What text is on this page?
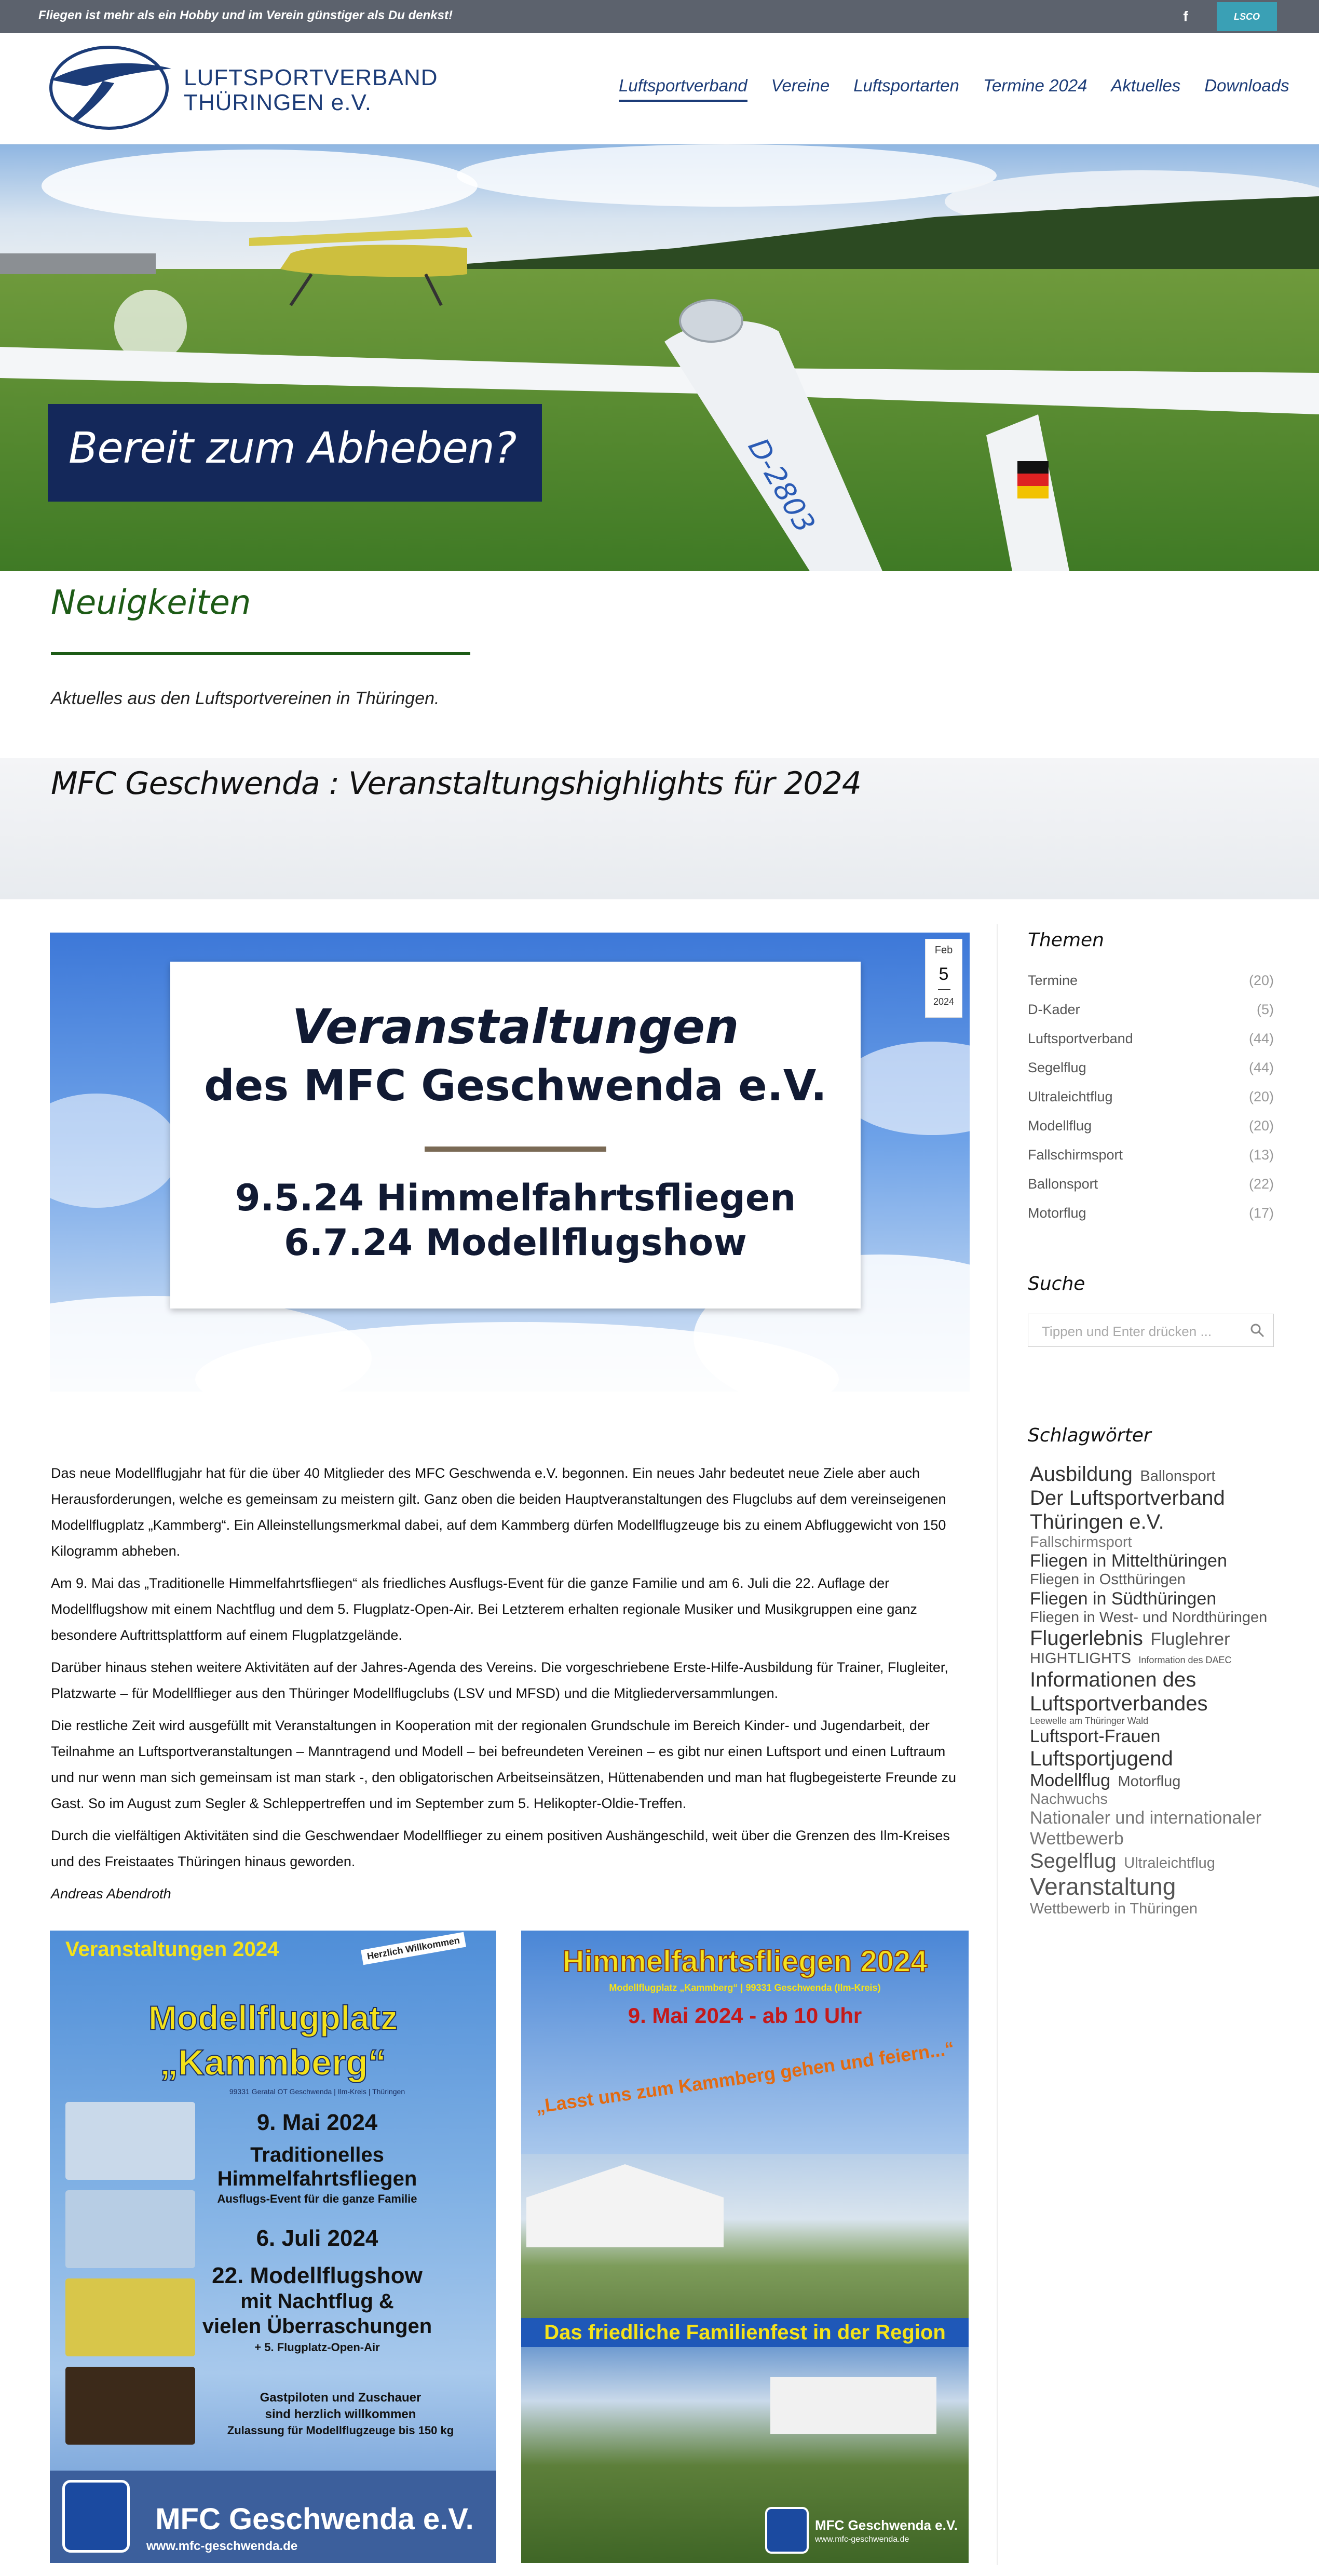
Fliegen ist mehr als ein Hobby und im Verein günstiger als Du denkst!	f	LSCO
LUFTSPORTVERBAND
THÜRINGEN e.V.
Luftsportverband Vereine Luftsportarten Termine 2024 Aktuelles Downloads
D-2803
Bereit zum Abheben?
Neuigkeiten
Aktuelles aus den Luftsportvereinen in Thüringen.
MFC Geschwenda : Veranstaltungshighlights für 2024
Veranstaltungen
des MFC Geschwenda e.V.
9.5.24 Himmelfahrtsfliegen
6.7.24 Modellflugshow
Feb
5
2024

Das neue Modellflugjahr hat für die über 40 Mitglieder des MFC Geschwenda e.V. begonnen. Ein neues Jahr bedeutet neue Ziele aber auch Herausforderungen, welche es gemeinsam zu meistern gilt. Ganz oben die beiden Hauptveranstaltungen des Flugclubs auf dem vereinseigenen Modellflugplatz „Kammberg“. Ein Alleinstellungsmerkmal dabei, auf dem Kammberg dürfen Modellflugzeuge bis zu einem Abfluggewicht von 150 Kilogramm abheben.

Am 9. Mai das „Traditionelle Himmelfahrtsfliegen“ als friedliches Ausflugs-Event für die ganze Familie und am 6. Juli die 22. Auflage der Modellflugshow mit einem Nachtflug und dem 5. Flugplatz-Open-Air. Bei Letzterem erhalten regionale Musiker und Musikgruppen eine ganz besondere Auftrittsplattform auf einem Flugplatzgelände.

Darüber hinaus stehen weitere Aktivitäten auf der Jahres-Agenda des Vereins. Die vorgeschriebene Erste-Hilfe-Ausbildung für Trainer, Flugleiter, Platzwarte – für Modellflieger aus den Thüringer Modellflugclubs (LSV und MFSD) und die Mitgliederversammlungen.

Die restliche Zeit wird ausgefüllt mit Veranstaltungen in Kooperation mit der regionalen Grundschule im Bereich Kinder- und Jugendarbeit, der Teilnahme an Luftsportveranstaltungen – Manntragend und Modell – bei befreundeten Vereinen – es gibt nur einen Luftsport und einen Luftraum und nur wenn man sich gemeinsam ist man stark -, den obligatorischen Arbeitseinsätzen, Hüttenabenden und man hat flugbegeisterte Freunde zu Gast. So im August zum Segler & Schleppertreffen und im September zum 5. Helikopter-Oldie-Treffen.

Durch die vielfältigen Aktivitäten sind die Geschwendaer Modellflieger zu einem positiven Aushängeschild, weit über die Grenzen des Ilm-Kreises und des Freistaates Thüringen hinaus geworden.

Andreas Abendroth

Veranstaltungen 2024	Herzlich Willkommen
Modellflugplatz
„Kammberg“
99331 Geratal OT Geschwenda | Ilm-Kreis | Thüringen
9. Mai 2024
Traditionelles
Himmelfahrtsfliegen
Ausflugs-Event für die ganze Familie
6. Juli 2024
22. Modellflugshow
mit Nachtflug &
vielen Überraschungen
+ 5. Flugplatz-Open-Air
Gastpiloten und Zuschauer
sind herzlich willkommen
Zulassung für Modellflugzeuge bis 150 kg
MFC Geschwenda e.V.
www.mfc-geschwenda.de
Himmelfahrtsfliegen 2024
Modellflugplatz „Kammberg“ | 99331 Geschwenda (Ilm-Kreis)
9. Mai 2024 - ab 10 Uhr
„Lasst uns zum Kammberg gehen und feiern...“
Das friedliche Familienfest in der Region
MFC Geschwenda e.V.
www.mfc-geschwenda.de
Themen
Termine	(20)
D-Kader	(5)
Luftsportverband	(44)
Segelflug	(44)
Ultraleichtflug	(20)
Modellflug	(20)
Fallschirmsport	(13)
Ballonsport	(22)
Motorflug	(17)
Suche
Tippen und Enter drücken ...
Schlagwörter
Ausbildung Ballonsport
Der Luftsportverband Thüringen e.V.
Fallschirmsport
Fliegen in Mittelthüringen
Fliegen in Ostthüringen
Fliegen in Südthüringen
Fliegen in West- und Nordthüringen
Flugerlebnis Fluglehrer
HIGHTLIGHTS Information des DAEC
Informationen des Luftsportverbandes
Leewelle am Thüringer Wald
Luftsport-Frauen
Luftsportjugend
Modellflug Motorflug
Nachwuchs
Nationaler und internationaler Wettbewerb
Segelflug Ultraleichtflug
Veranstaltung
Wettbewerb in Thüringen
